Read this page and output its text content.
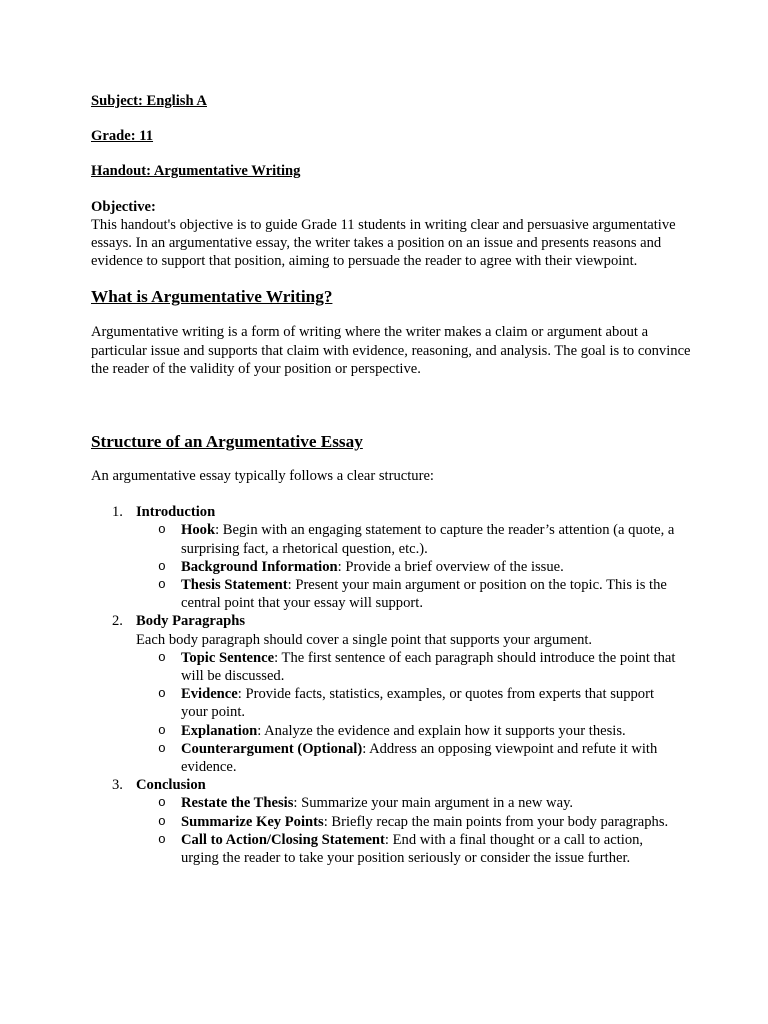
Subject: English A

Grade: 11

Handout: Argumentative Writing

Objective:

This handout's objective is to guide Grade 11 students in writing clear and persuasive argumentative essays. In an argumentative essay, the writer takes a position on an issue and presents reasons and evidence to support that position, aiming to persuade the reader to agree with their viewpoint.

What is Argumentative Writing?

Argumentative writing is a form of writing where the writer makes a claim or argument about a particular issue and supports that claim with evidence, reasoning, and analysis. The goal is to convince the reader of the validity of your position or perspective.

Structure of an Argumentative Essay

An argumentative essay typically follows a clear structure:

1. Introduction
o Hook: Begin with an engaging statement to capture the reader’s attention (a quote, a surprising fact, a rhetorical question, etc.).
o Background Information: Provide a brief overview of the issue.
o Thesis Statement: Present your main argument or position on the topic. This is the central point that your essay will support.
2. Body Paragraphs
Each body paragraph should cover a single point that supports your argument.
o Topic Sentence: The first sentence of each paragraph should introduce the point that will be discussed.
o Evidence: Provide facts, statistics, examples, or quotes from experts that support your point.
o Explanation: Analyze the evidence and explain how it supports your thesis.
o Counterargument (Optional): Address an opposing viewpoint and refute it with evidence.
3. Conclusion
o Restate the Thesis: Summarize your main argument in a new way.
o Summarize Key Points: Briefly recap the main points from your body paragraphs.
o Call to Action/Closing Statement: End with a final thought or a call to action, urging the reader to take your position seriously or consider the issue further.
